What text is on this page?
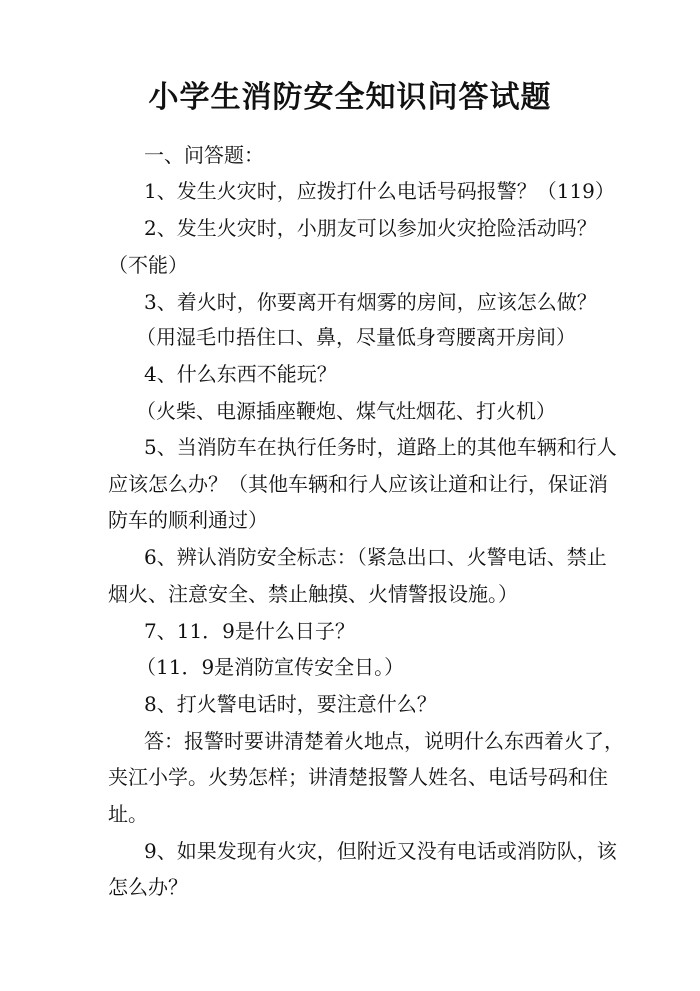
小学生消防安全知识问答试题
一、问答题：
1、发生火灾时，应拨打什么电话号码报警？（119）
2、发生火灾时，小朋友可以参加火灾抢险活动吗？
（不能）
3、着火时，你要离开有烟雾的房间，应该怎么做？
（用湿毛巾捂住口、鼻，尽量低身弯腰离开房间）
4、什么东西不能玩？
（火柴、电源插座鞭炮、煤气灶烟花、打火机）
5、当消防车在执行任务时，道路上的其他车辆和行人
应该怎么办？（其他车辆和行人应该让道和让行，保证消
防车的顺利通过）
6、辨认消防安全标志：（紧急出口、火警电话、禁止
烟火、注意安全、禁止触摸、火情警报设施。）
7、11．9是什么日子？
（11．9是消防宣传安全日。）
8、打火警电话时，要注意什么？
答：报警时要讲清楚着火地点，说明什么东西着火了，
夹江小学。火势怎样；讲清楚报警人姓名、电话号码和住
址。
9、如果发现有火灾，但附近又没有电话或消防队，该
怎么办？
